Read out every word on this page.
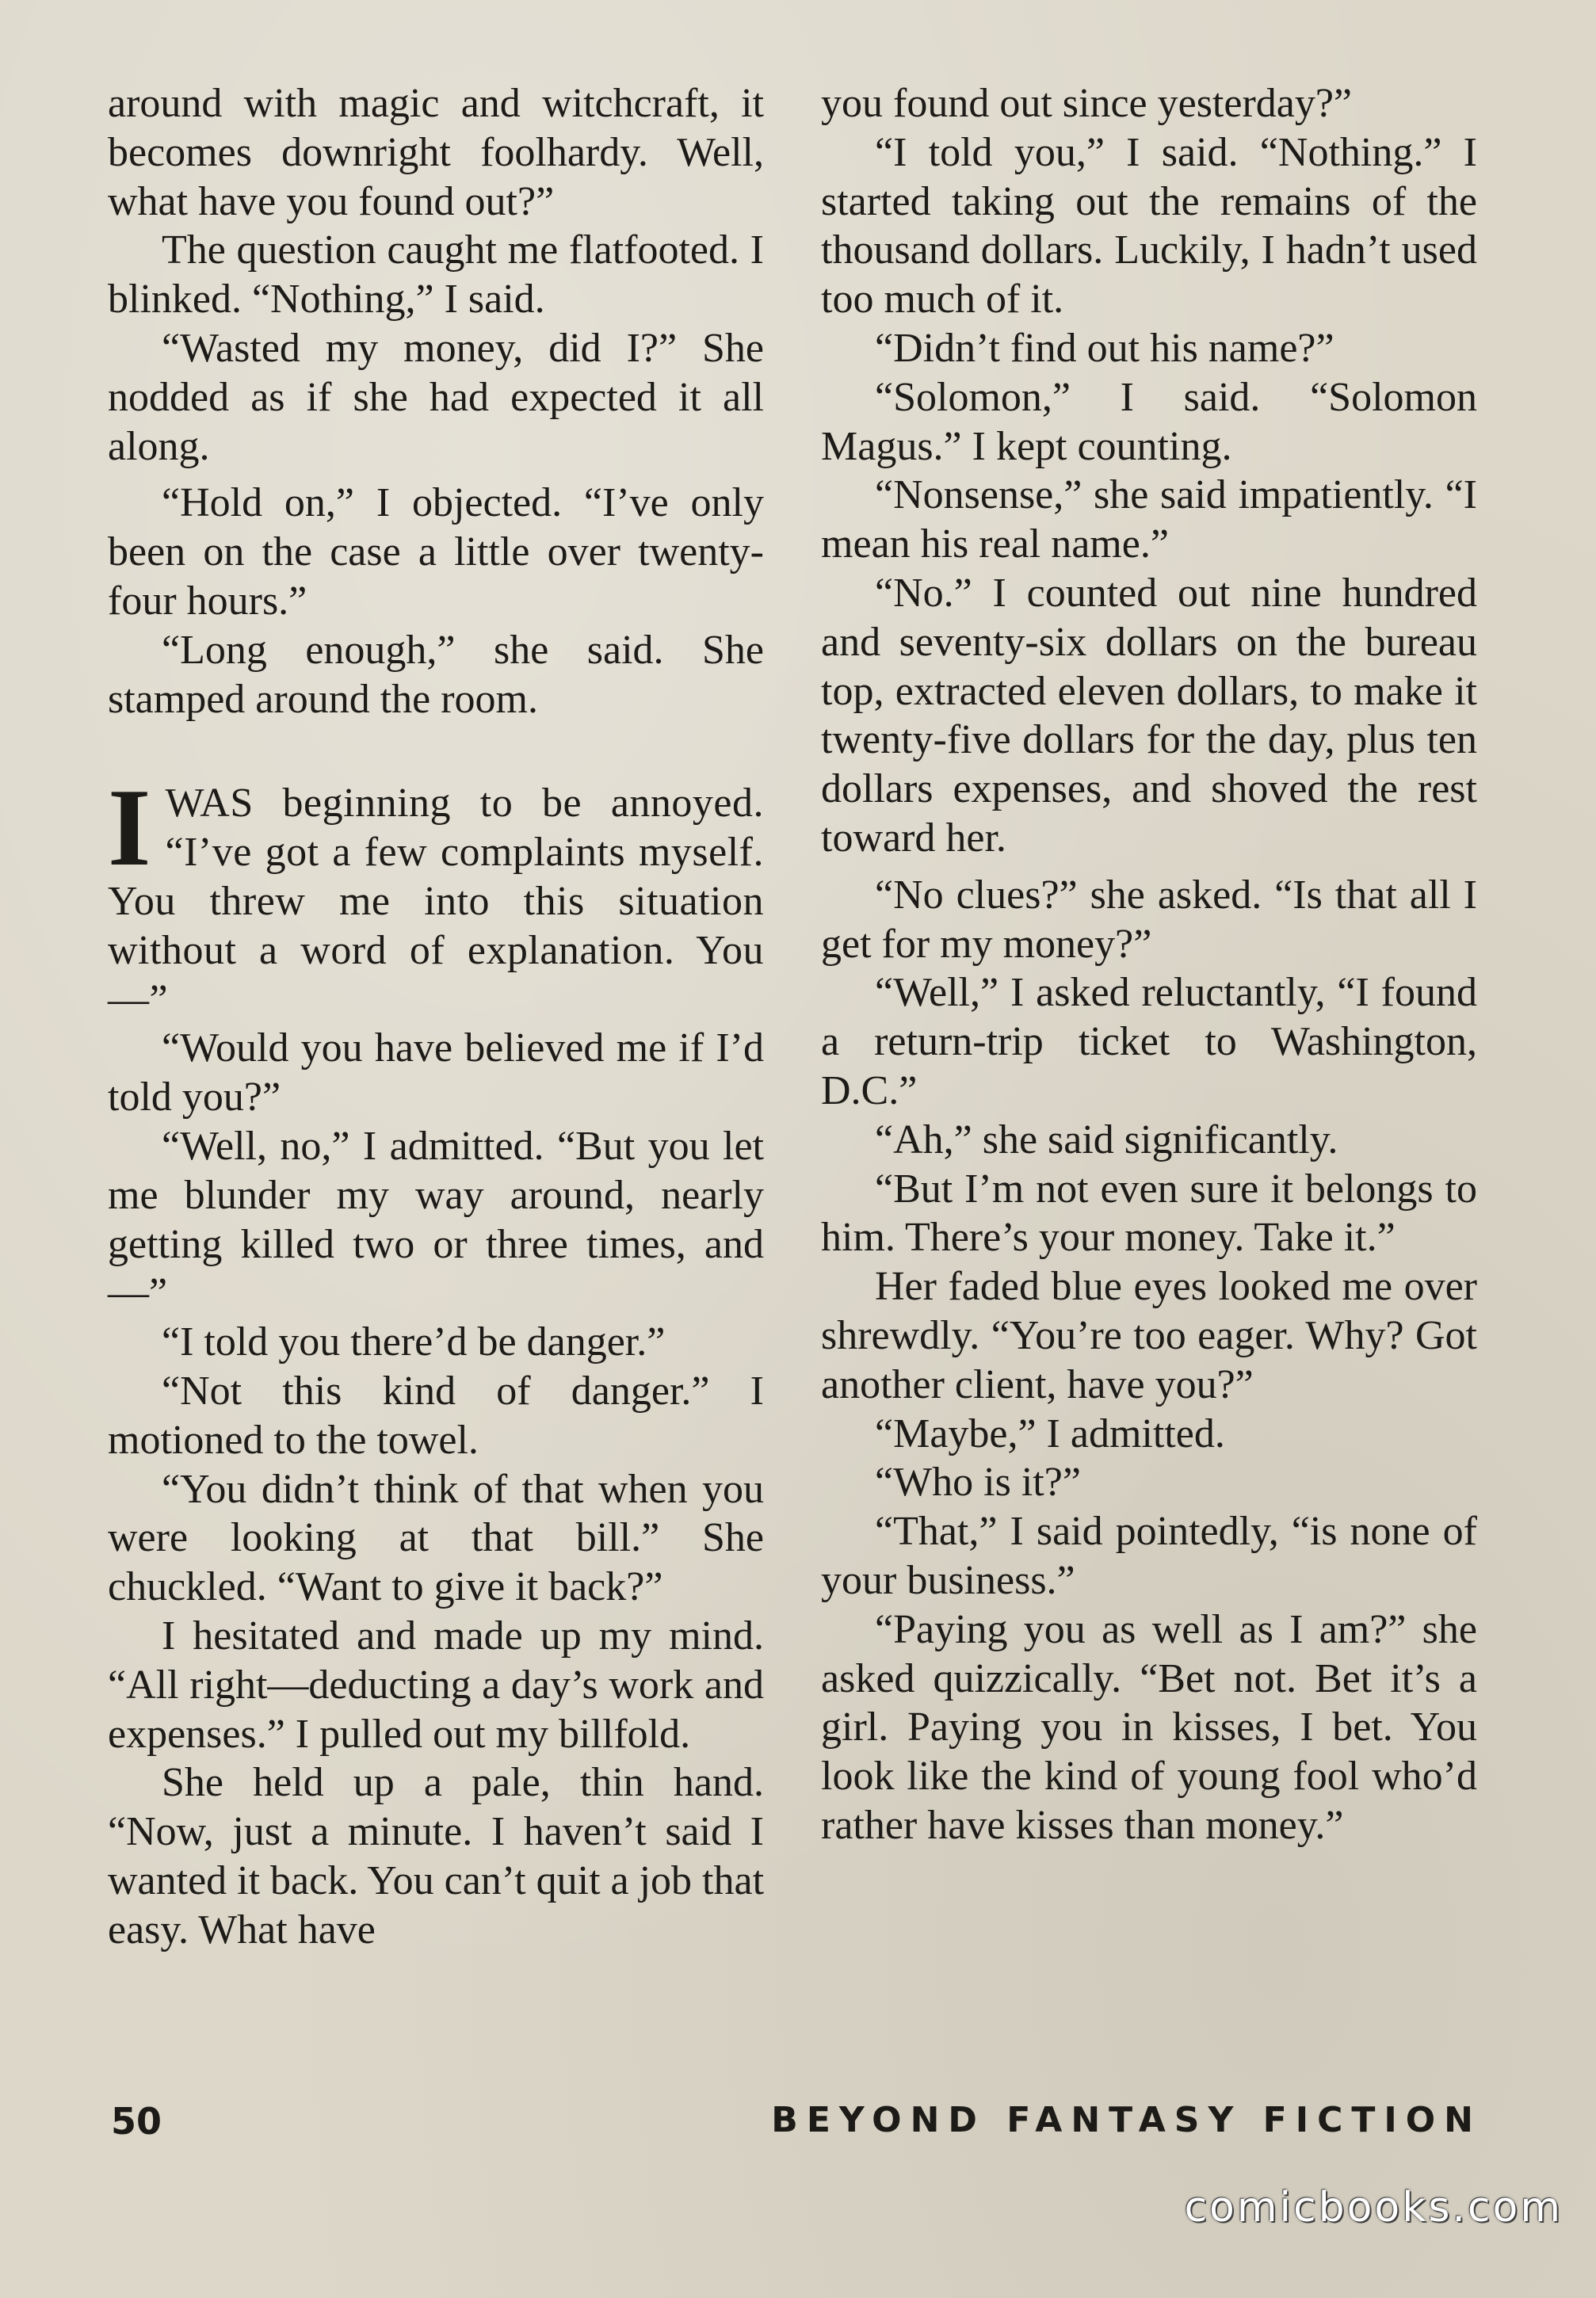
around with magic and witchcraft, it becomes downright foolhardy. Well, what have you found out?”

The question caught me flatfooted. I blinked. “Nothing,” I said.

“Wasted my money, did I?” She nodded as if she had expected it all along.

“Hold on,” I objected. “I’ve only been on the case a little over twenty-four hours.”

“Long enough,” she said. She stamped around the room.

I WAS beginning to be annoyed. “I’ve got a few complaints myself. You threw me into this situation without a word of explanation. You—”

“Would you have believed me if I’d told you?”

“Well, no,” I admitted. “But you let me blunder my way around, nearly getting killed two or three times, and—”

“I told you there’d be danger.”

“Not this kind of danger.” I motioned to the towel.

“You didn’t think of that when you were looking at that bill.” She chuckled. “Want to give it back?”

I hesitated and made up my mind. “All right—deducting a day’s work and expenses.” I pulled out my billfold.

She held up a pale, thin hand. “Now, just a minute. I haven’t said I wanted it back. You can’t quit a job that easy. What have

you found out since yesterday?”

“I told you,” I said. “Nothing.” I started taking out the remains of the thousand dollars. Luckily, I hadn’t used too much of it.

“Didn’t find out his name?”

“Solomon,” I said. “Solomon Magus.” I kept counting.

“Nonsense,” she said impatiently. “I mean his real name.”

“No.” I counted out nine hundred and seventy-six dollars on the bureau top, extracted eleven dollars, to make it twenty-five dollars for the day, plus ten dollars expenses, and shoved the rest toward her.

“No clues?” she asked. “Is that all I get for my money?”

“Well,” I asked reluctantly, “I found a return-trip ticket to Washington, D.C.”

“Ah,” she said significantly.

“But I’m not even sure it belongs to him. There’s your money. Take it.”

Her faded blue eyes looked me over shrewdly. “You’re too eager. Why? Got another client, have you?”

“Maybe,” I admitted.

“Who is it?”

“That,” I said pointedly, “is none of your business.”

“Paying you as well as I am?” she asked quizzically. “Bet not. Bet it’s a girl. Paying you in kisses, I bet. You look like the kind of young fool who’d rather have kisses than money.”

50	BEYOND FANTASY FICTION
comicbooks.com
